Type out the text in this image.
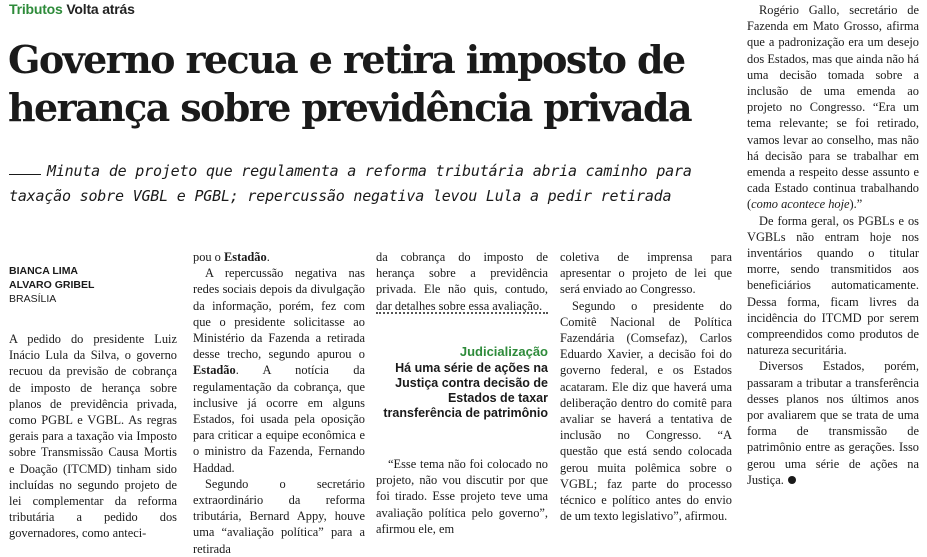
Tributos Volta atrás
Governo recua e retira imposto de herança sobre previdência privada

Minuta de projeto que regulamenta a reforma tributária abria caminho para taxação sobre VGBL e PGBL; repercussão negativa levou Lula a pedir retirada

BIANCA LIMA
ALVARO GRIBEL
BRASÍLIA

A pedido do presidente Luiz Inácio Lula da Silva, o governo recuou da previsão de cobrança de imposto de herança sobre planos de previdência privada, como PGBL e VGBL. As regras gerais para a taxação via Imposto sobre Transmissão Causa Mortis e Doação (ITCMD) tinham sido incluídas no segundo projeto de lei complementar da reforma tributária a pedido dos governadores, como anteci-

pou o Estadão.

A repercussão negativa nas redes sociais depois da divulgação da informação, porém, fez com que o presidente solicitasse ao Ministério da Fazenda a retirada desse trecho, segundo apurou o Estadão. A notícia da regulamentação da cobrança, que inclusive já ocorre em alguns Estados, foi usada pela oposição para criticar a equipe econômica e o ministro da Fazenda, Fernando Haddad.

Segundo o secretário extraordinário da reforma tributária, Bernard Appy, houve uma “avaliação política” para a retirada

da cobrança do imposto de herança sobre a previdência privada. Ele não quis, contudo, dar detalhes sobre essa avaliação.

Judicialização
Há uma série de ações na Justiça contra decisão de Estados de taxar transferência de patrimônio

“Esse tema não foi colocado no projeto, não vou discutir por que foi tirado. Esse projeto teve uma avaliação política pelo governo”, afirmou ele, em

coletiva de imprensa para apresentar o projeto de lei que será enviado ao Congresso.

Segundo o presidente do Comitê Nacional de Política Fazendária (Comsefaz), Carlos Eduardo Xavier, a decisão foi do governo federal, e os Estados acataram. Ele diz que haverá uma deliberação dentro do comitê para avaliar se haverá a tentativa de inclusão no Congresso. “A questão que está sendo colocada gerou muita polêmica sobre o VGBL; faz parte do processo técnico e político antes do envio de um texto legislativo”, afirmou.

Rogério Gallo, secretário de Fazenda em Mato Grosso, afirma que a padronização era um desejo dos Estados, mas que ainda não há uma decisão tomada sobre a inclusão de uma emenda ao projeto no Congresso. “Era um tema relevante; se foi retirado, vamos levar ao conselho, mas não há decisão para se trabalhar em emenda a respeito desse assunto e cada Estado continua trabalhando (como acontece hoje).”

De forma geral, os PGBLs e os VGBLs não entram hoje nos inventários quando o titular morre, sendo transmitidos aos beneficiários automaticamente. Dessa forma, ficam livres da incidência do ITCMD por serem compreendidos como produtos de natureza securitária.

Diversos Estados, porém, passaram a tributar a transferência desses planos nos últimos anos por avaliarem que se trata de uma forma de transmissão de patrimônio entre as gerações. Isso gerou uma série de ações na Justiça.
